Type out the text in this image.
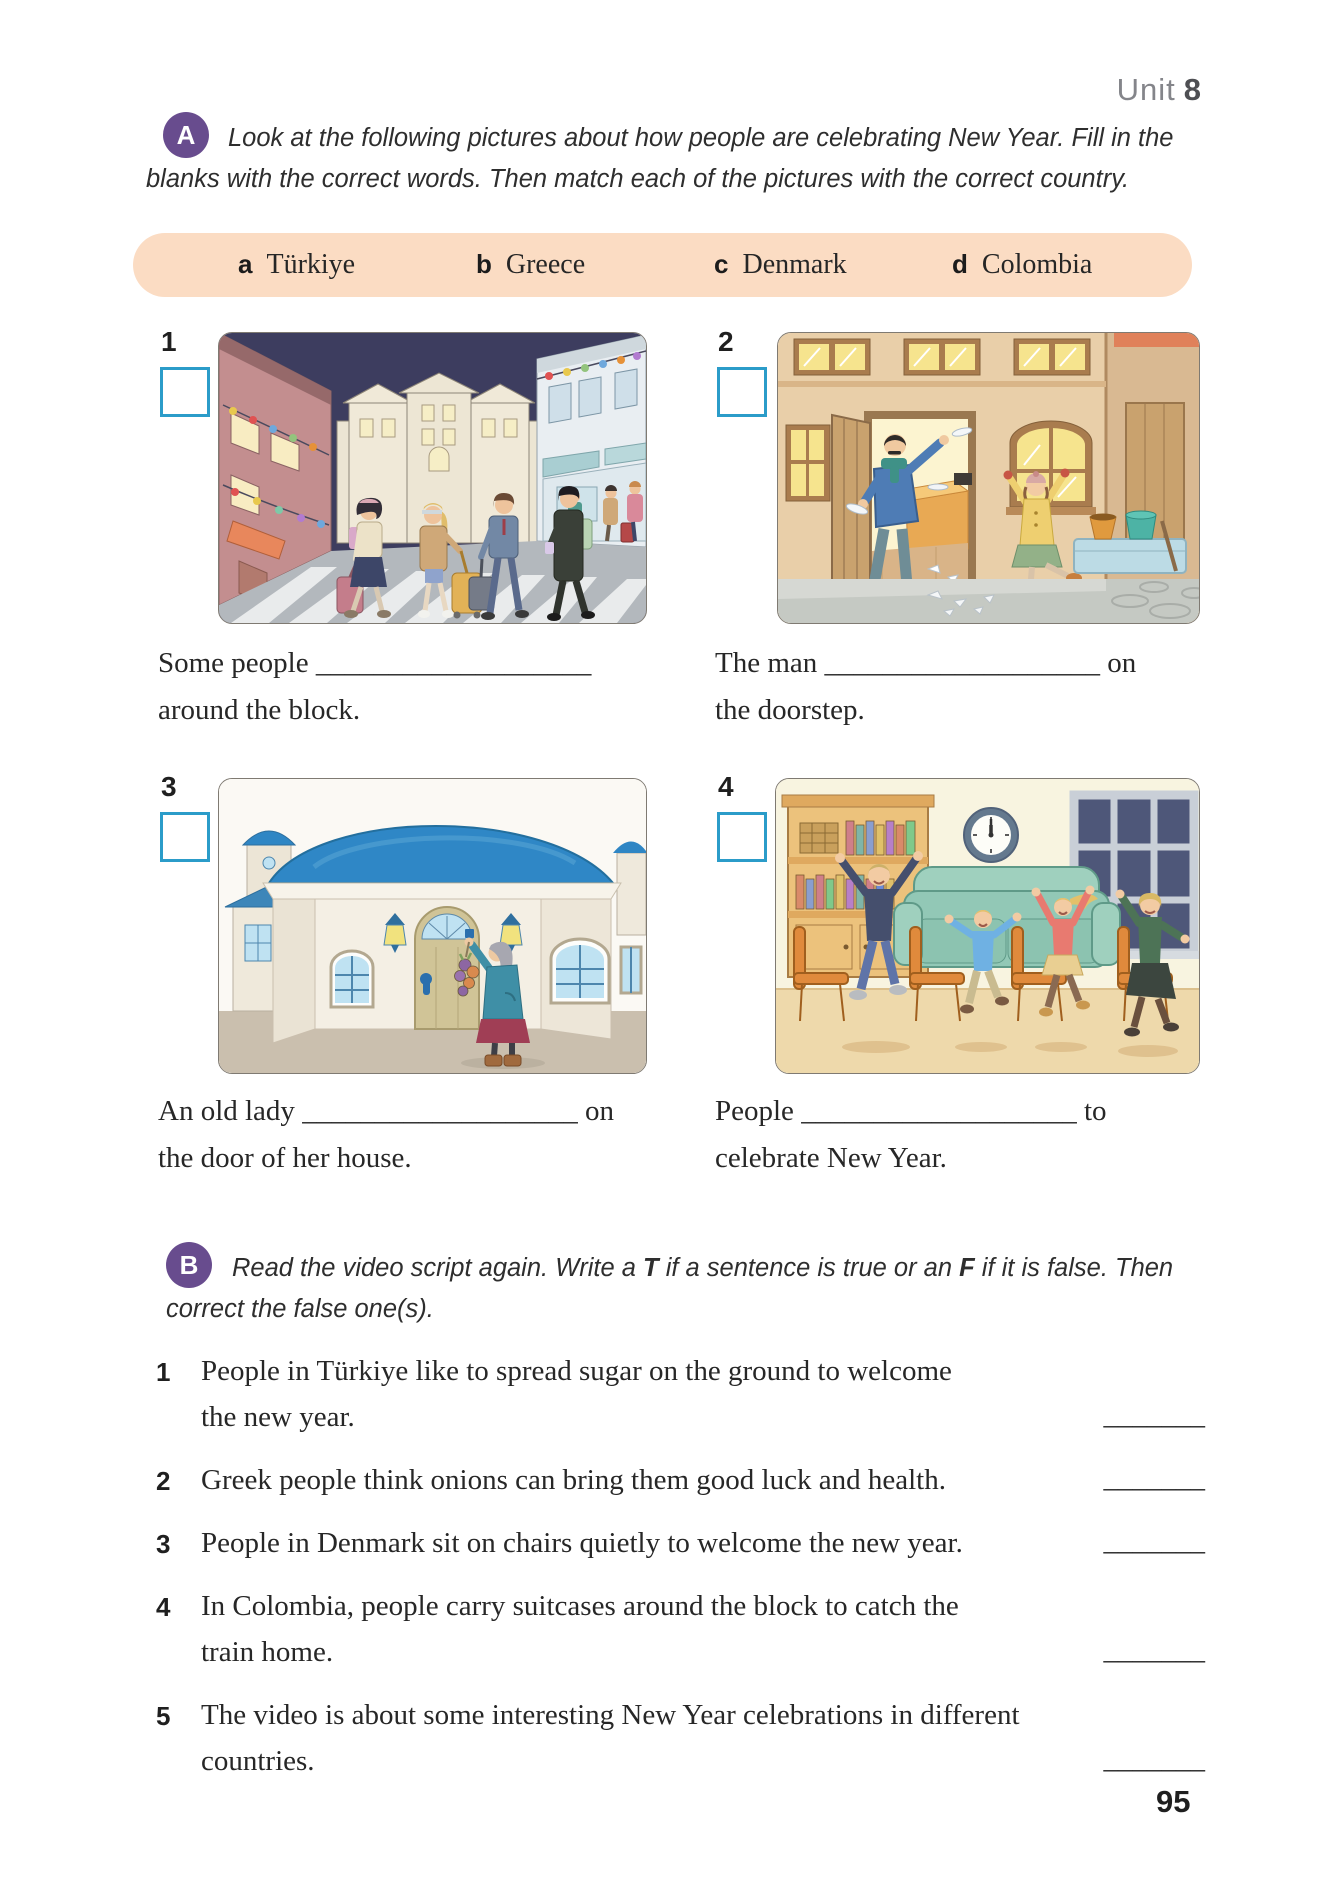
Unit 8
A	Look at the following pictures about how people are celebrating New Year. Fill in the
blanks with the correct words. Then match each of the pictures with the correct country.
a Türkiye	b Greece	c Denmark	d Colombia
1	2
Some people ___________________
around the block.
The man ___________________ on
the doorstep.
3	4
An old lady ___________________ on
the door of her house.
People ___________________ to
celebrate New Year.
B	Read the video script again. Write a T if a sentence is true or an F if it is false. Then
correct the false one(s).
1 People in Türkiye like to spread sugar on the ground to welcome
the new year.	_______
2 Greek people think onions can bring them good luck and health.	_______
3 People in Denmark sit on chairs quietly to welcome the new year.	_______
4 In Colombia, people carry suitcases around the block to catch the
train home.	_______
5 The video is about some interesting New Year celebrations in different
countries.	_______
95
